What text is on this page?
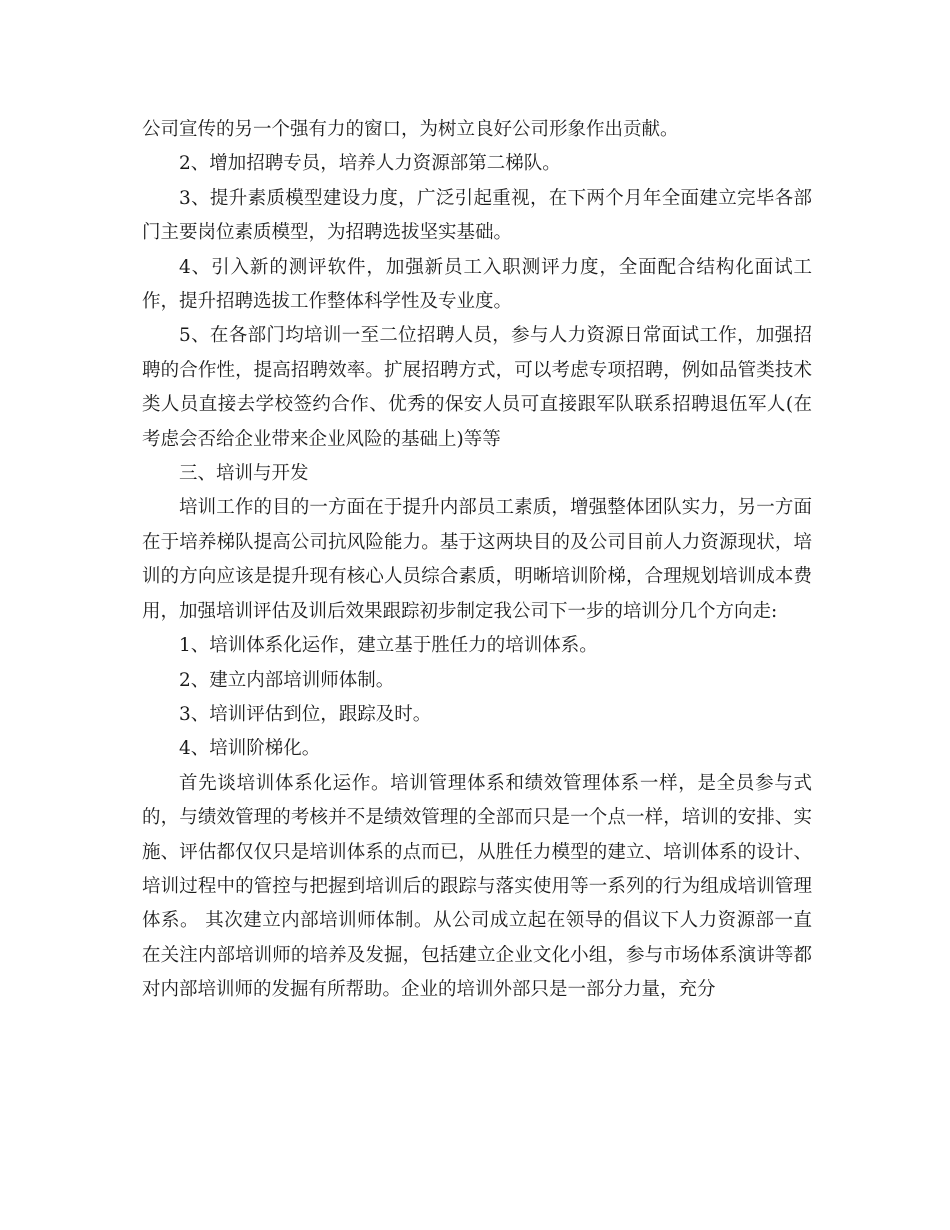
公司宣传的另一个强有力的窗口，为树立良好公司形象作出贡献。

2、增加招聘专员，培养人力资源部第二梯队。

3、提升素质模型建设力度，广泛引起重视，在下两个月年全面建立完毕各部门主要岗位素质模型，为招聘选拔坚实基础。

4、引入新的测评软件，加强新员工入职测评力度，全面配合结构化面试工作，提升招聘选拔工作整体科学性及专业度。

5、在各部门均培训一至二位招聘人员，参与人力资源日常面试工作，加强招聘的合作性，提高招聘效率。扩展招聘方式，可以考虑专项招聘，例如品管类技术类人员直接去学校签约合作、优秀的保安人员可直接跟军队联系招聘退伍军人(在考虑会否给企业带来企业风险的基础上)等等

三、培训与开发

培训工作的目的一方面在于提升内部员工素质，增强整体团队实力，另一方面在于培养梯队提高公司抗风险能力。基于这两块目的及公司目前人力资源现状，培训的方向应该是提升现有核心人员综合素质，明晰培训阶梯，合理规划培训成本费用，加强培训评估及训后效果跟踪初步制定我公司下一步的培训分几个方向走:

1、培训体系化运作，建立基于胜任力的培训体系。

2、建立内部培训师体制。

3、培训评估到位，跟踪及时。

4、培训阶梯化。

首先谈培训体系化运作。培训管理体系和绩效管理体系一样，是全员参与式的，与绩效管理的考核并不是绩效管理的全部而只是一个点一样，培训的安排、实施、评估都仅仅只是培训体系的点而已，从胜任力模型的建立、培训体系的设计、培训过程中的管控与把握到培训后的跟踪与落实使用等一系列的行为组成培训管理体系。 其次建立内部培训师体制。从公司成立起在领导的倡议下人力资源部一直在关注内部培训师的培养及发掘，包括建立企业文化小组，参与市场体系演讲等都对内部培训师的发掘有所帮助。企业的培训外部只是一部分力量，充分
